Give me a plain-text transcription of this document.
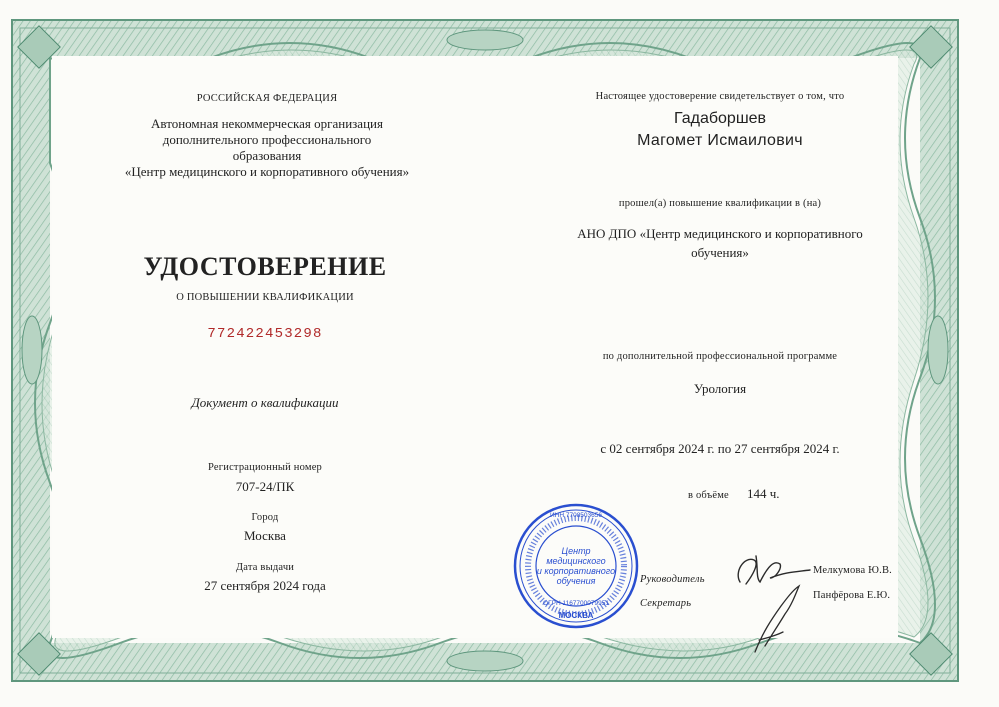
РОССИЙСКАЯ ФЕДЕРАЦИЯ
Автономная некоммерческая организация
дополнительного профессионального
образования
«Центр медицинского и корпоративного обучения»
УДОСТОВЕРЕНИЕ
О ПОВЫШЕНИИ КВАЛИФИКАЦИИ
772422453298
Документ о квалификации
Регистрационный номер
707-24/ПК
Город
Москва
Дата выдачи
27 сентября 2024 года
Настоящее удостоверение свидетельствует о том, что
Гадаборшев
Магомет Исмаилович
прошел(а) повышение квалификации в (на)
АНО ДПО «Центр медицинского и корпоративного
обучения»
по дополнительной профессиональной программе
Урология
с 02 сентября 2024 г. по 27 сентября 2024 г.
в объёме 144 ч.
Руководитель
Секретарь
Мелкумова Ю.В.
Панфёрова Е.Ю.
ИНН 7708503656
Центр
медицинского
и корпоративного
обучения
ОГРН 1167700079951
МОСКВА
